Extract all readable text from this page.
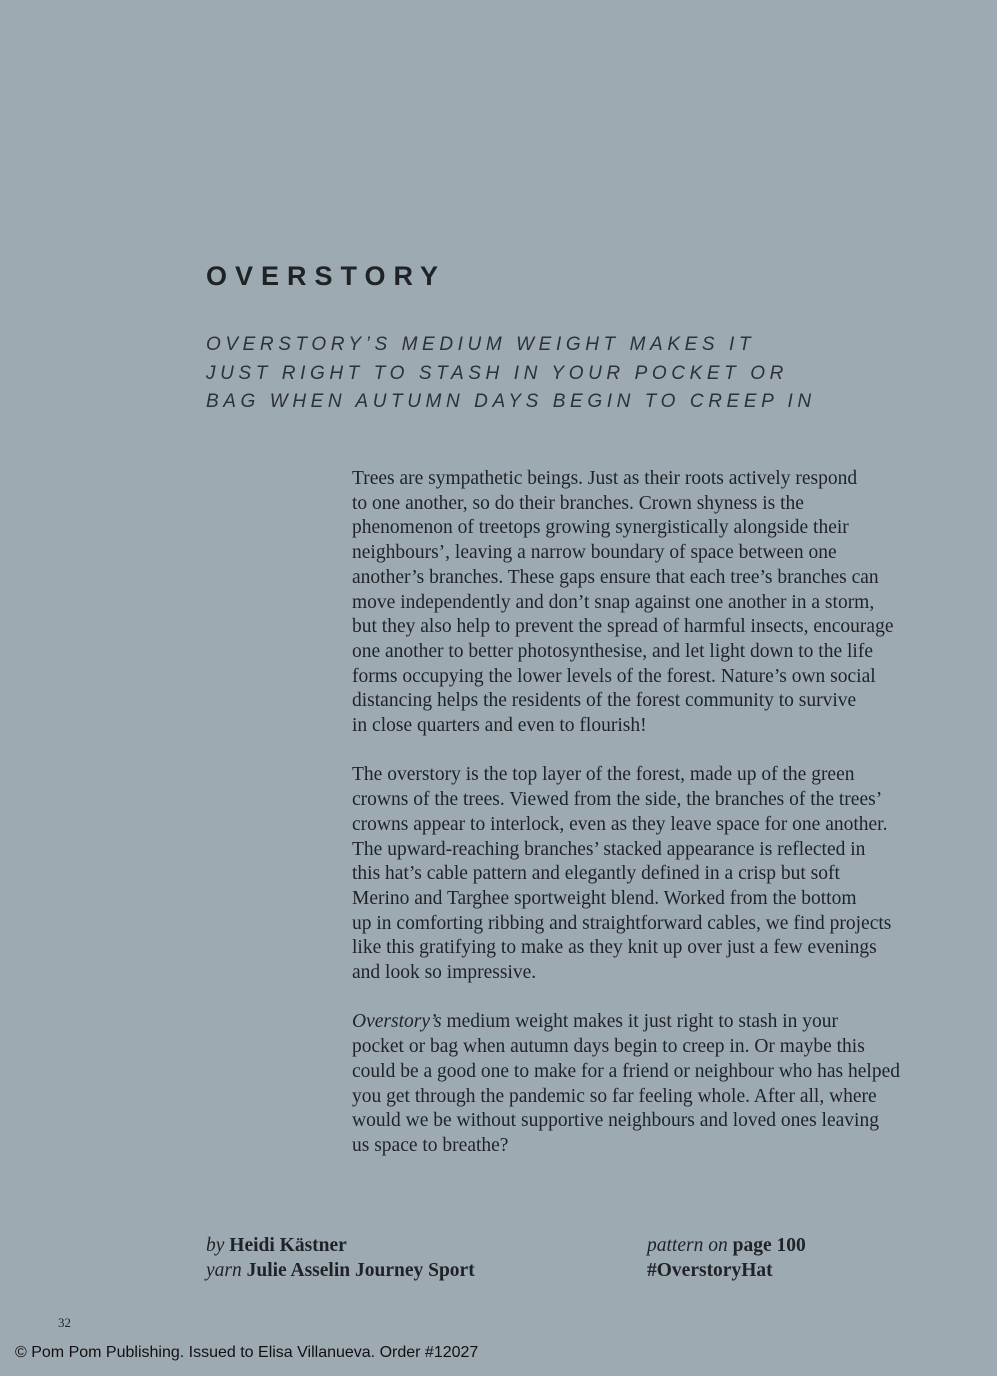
OVERSTORY
OVERSTORY’S MEDIUM WEIGHT MAKES IT
JUST RIGHT TO STASH IN YOUR POCKET OR
BAG WHEN AUTUMN DAYS BEGIN TO CREEP IN

Trees are sympathetic beings. Just as their roots actively respond
to one another, so do their branches. Crown shyness is the
phenomenon of treetops growing synergistically alongside their
neighbours’, leaving a narrow boundary of space between one
another’s branches. These gaps ensure that each tree’s branches can
move independently and don’t snap against one another in a storm,
but they also help to prevent the spread of harmful insects, encourage
one another to better photosynthesise, and let light down to the life
forms occupying the lower levels of the forest. Nature’s own social
distancing helps the residents of the forest community to survive
in close quarters and even to flourish!

The overstory is the top layer of the forest, made up of the green
crowns of the trees. Viewed from the side, the branches of the trees’
crowns appear to interlock, even as they leave space for one another.
The upward-reaching branches’ stacked appearance is reflected in
this hat’s cable pattern and elegantly defined in a crisp but soft
Merino and Targhee sportweight blend. Worked from the bottom
up in comforting ribbing and straightforward cables, we find projects
like this gratifying to make as they knit up over just a few evenings
and look so impressive.

Overstory’s medium weight makes it just right to stash in your
pocket or bag when autumn days begin to creep in. Or maybe this
could be a good one to make for a friend or neighbour who has helped
you get through the pandemic so far feeling whole. After all, where
would we be without supportive neighbours and loved ones leaving
us space to breathe?

by Heidi Kästner
yarn Julie Asselin Journey Sport
pattern on page 100
#OverstoryHat
32
© Pom Pom Publishing. Issued to Elisa Villanueva. Order #12027
